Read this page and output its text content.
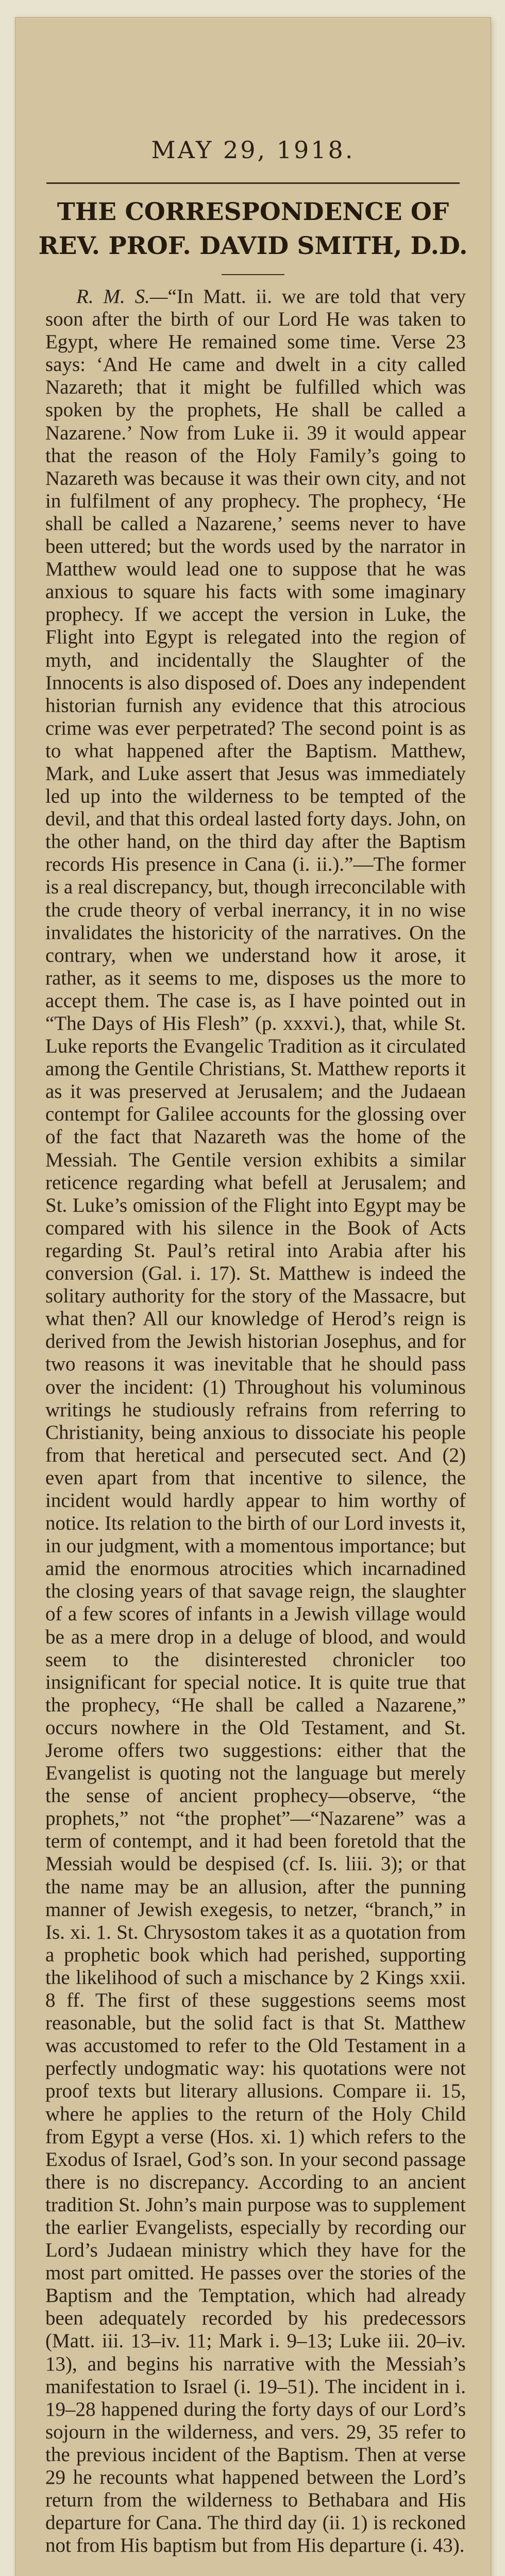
MAY 29, 1918.
THE CORRESPONDENCE OF REV. PROF. DAVID SMITH, D.D.
R. M. S.—“In Matt. ii. we are told that very soon after the birth of our Lord He was taken to Egypt, where He remained some time. Verse 23 says: ‘And He came and dwelt in a city called Nazareth; that it might be fulfilled which was spoken by the prophets, He shall be called a Nazarene.’ Now from Luke ii. 39 it would appear that the reason of the Holy Family’s going to Nazareth was because it was their own city, and not in fulfilment of any prophecy. The prophecy, ‘He shall be called a Nazarene,’ seems never to have been uttered; but the words used by the narrator in Matthew would lead one to suppose that he was anxious to square his facts with some imaginary prophecy. If we accept the version in Luke, the Flight into Egypt is relegated into the region of myth, and incidentally the Slaughter of the Innocents is also disposed of. Does any independent historian furnish any evidence that this atrocious crime was ever perpetrated? The second point is as to what happened after the Baptism. Matthew, Mark, and Luke assert that Jesus was immediately led up into the wilderness to be tempted of the devil, and that this ordeal lasted forty days. John, on the other hand, on the third day after the Baptism records His presence in Cana (i. ii.).”—The former is a real discrepancy, but, though irreconcilable with the crude theory of verbal inerrancy, it in no wise invalidates the historicity of the narratives. On the contrary, when we understand how it arose, it rather, as it seems to me, disposes us the more to accept them. The case is, as I have pointed out in “The Days of His Flesh” (p. xxxvi.), that, while St. Luke reports the Evangelic Tradition as it circulated among the Gentile Christians, St. Matthew reports it as it was preserved at Jerusalem; and the Judaean contempt for Galilee accounts for the glossing over of the fact that Nazareth was the home of the Messiah. The Gentile version exhibits a similar reticence regarding what befell at Jerusalem; and St. Luke’s omission of the Flight into Egypt may be compared with his silence in the Book of Acts regarding St. Paul’s retiral into Arabia after his conversion (Gal. i. 17). St. Matthew is indeed the solitary authority for the story of the Massacre, but what then? All our knowledge of Herod’s reign is derived from the Jewish historian Josephus, and for two reasons it was inevitable that he should pass over the incident: (1) Throughout his voluminous writings he studiously refrains from referring to Christianity, being anxious to dissociate his people from that heretical and persecuted sect. And (2) even apart from that incentive to silence, the incident would hardly appear to him worthy of notice. Its relation to the birth of our Lord invests it, in our judgment, with a momentous importance; but amid the enormous atrocities which incarnadined the closing years of that savage reign, the slaughter of a few scores of infants in a Jewish village would be as a mere drop in a deluge of blood, and would seem to the disinterested chronicler too insignificant for special notice. It is quite true that the prophecy, “He shall be called a Nazarene,” occurs nowhere in the Old Testament, and St. Jerome offers two suggestions: either that the Evangelist is quoting not the language but merely the sense of ancient prophecy—observe, “the prophets,” not “the prophet”—“Nazarene” was a term of contempt, and it had been foretold that the Messiah would be despised (cf. Is. liii. 3); or that the name may be an allusion, after the punning manner of Jewish exegesis, to netzer, “branch,” in Is. xi. 1. St. Chrysostom takes it as a quotation from a prophetic book which had perished, supporting the likelihood of such a mischance by 2 Kings xxii. 8 ff. The first of these suggestions seems most reasonable, but the solid fact is that St. Matthew was accustomed to refer to the Old Testament in a perfectly undogmatic way: his quotations were not proof texts but literary allusions. Compare ii. 15, where he applies to the return of the Holy Child from Egypt a verse (Hos. xi. 1) which refers to the Exodus of Israel, God’s son. In your second passage there is no discrepancy. According to an ancient tradition St. John’s main purpose was to supplement the earlier Evangelists, especially by recording our Lord’s Judaean ministry which they have for the most part omitted. He passes over the stories of the Baptism and the Temptation, which had already been adequately recorded by his predecessors (Matt. iii. 13–iv. 11; Mark i. 9–13; Luke iii. 20–iv. 13), and begins his narrative with the Messiah’s manifestation to Israel (i. 19–51). The incident in i. 19–28 happened during the forty days of our Lord’s sojourn in the wilderness, and vers. 29, 35 refer to the previous incident of the Baptism. Then at verse 29 he recounts what happened between the Lord’s return from the wilderness to Bethabara and His departure for Cana. The third day (ii. 1) is reckoned not from His baptism but from His departure (i. 43).
